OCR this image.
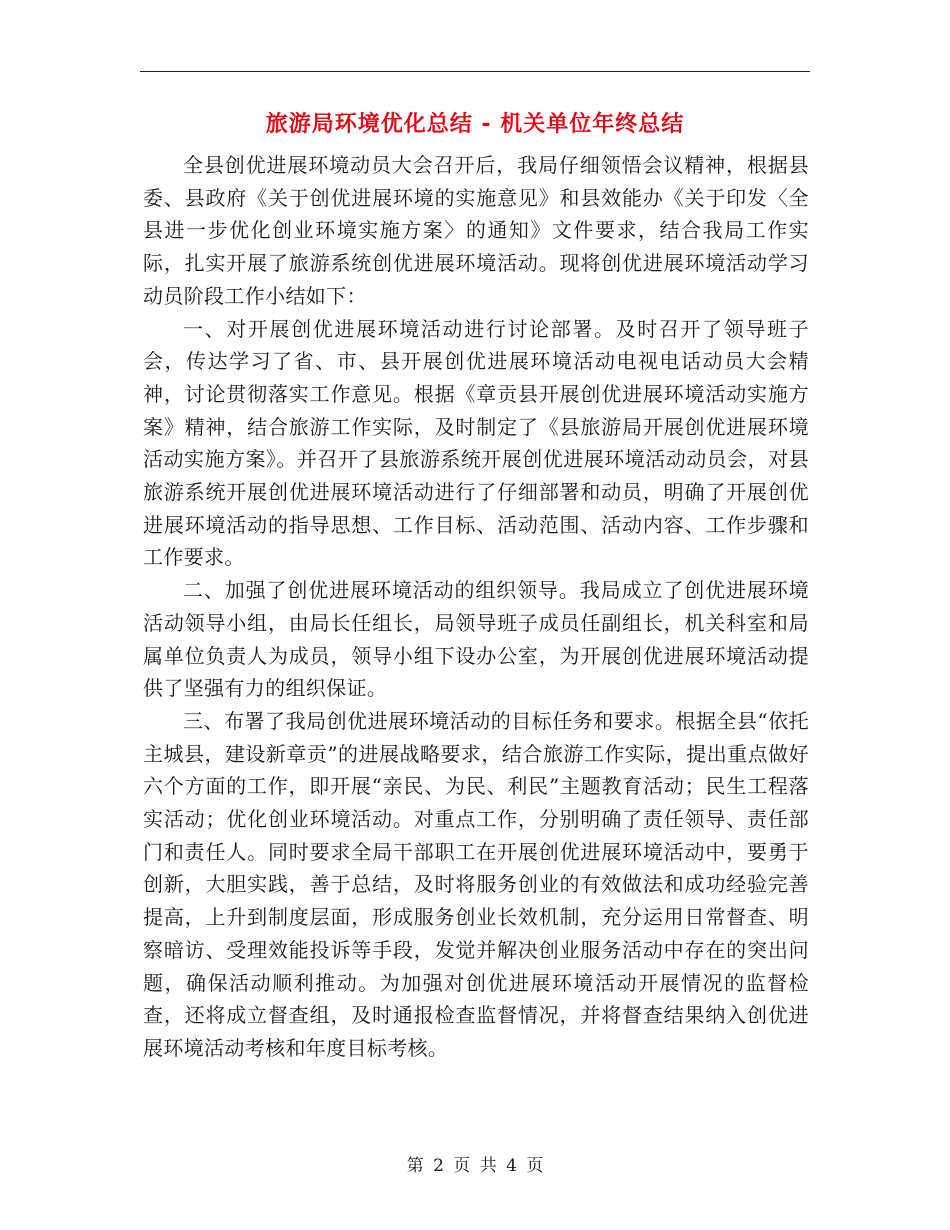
旅游局环境优化总结 - 机关单位年终总结

全县创优进展环境动员大会召开后，我局仔细领悟会议精神，根据县委、县政府《关于创优进展环境的实施意见》和县效能办《关于印发〈全县进一步优化创业环境实施方案〉的通知》文件要求，结合我局工作实际，扎实开展了旅游系统创优进展环境活动。现将创优进展环境活动学习动员阶段工作小结如下：

一、对开展创优进展环境活动进行讨论部署。及时召开了领导班子会，传达学习了省、市、县开展创优进展环境活动电视电话动员大会精神，讨论贯彻落实工作意见。根据《章贡县开展创优进展环境活动实施方案》精神，结合旅游工作实际，及时制定了《县旅游局开展创优进展环境活动实施方案》。并召开了县旅游系统开展创优进展环境活动动员会，对县旅游系统开展创优进展环境活动进行了仔细部署和动员，明确了开展创优进展环境活动的指导思想、工作目标、活动范围、活动内容、工作步骤和工作要求。

二、加强了创优进展环境活动的组织领导。我局成立了创优进展环境活动领导小组，由局长任组长，局领导班子成员任副组长，机关科室和局属单位负责人为成员，领导小组下设办公室，为开展创优进展环境活动提供了坚强有力的组织保证。

三、布署了我局创优进展环境活动的目标任务和要求。根据全县“依托主城县，建设新章贡”的进展战略要求，结合旅游工作实际，提出重点做好六个方面的工作，即开展“亲民、为民、利民”主题教育活动；民生工程落实活动；优化创业环境活动。对重点工作，分别明确了责任领导、责任部门和责任人。同时要求全局干部职工在开展创优进展环境活动中，要勇于创新，大胆实践，善于总结，及时将服务创业的有效做法和成功经验完善提高，上升到制度层面，形成服务创业长效机制，充分运用日常督查、明察暗访、受理效能投诉等手段，发觉并解决创业服务活动中存在的突出问题，确保活动顺利推动。为加强对创优进展环境活动开展情况的监督检查，还将成立督查组，及时通报检查监督情况，并将督查结果纳入创优进展环境活动考核和年度目标考核。

第 2 页 共 4 页
